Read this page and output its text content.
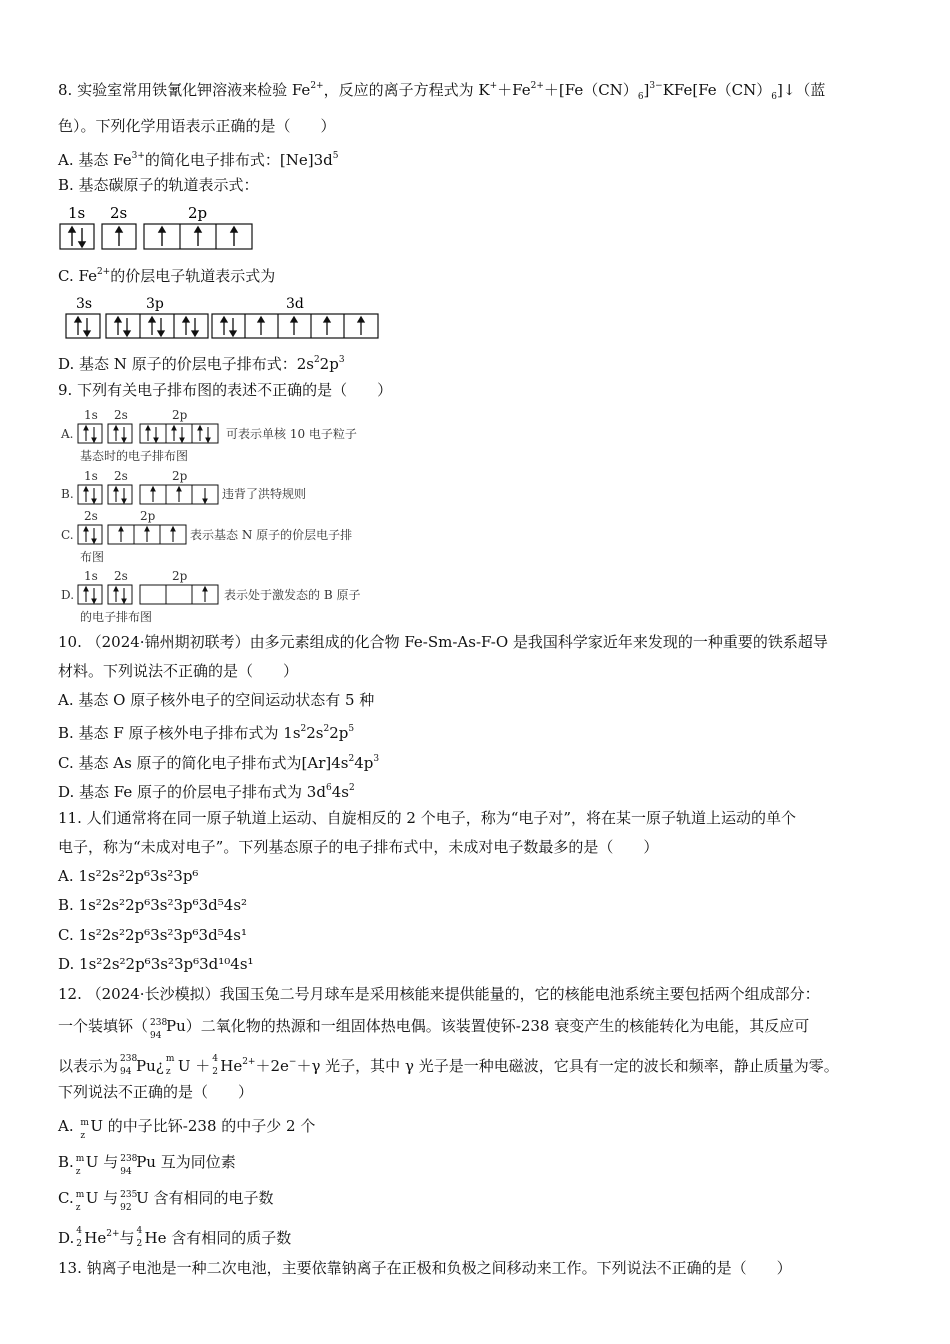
8. 实验室常用铁氰化钾溶液来检验 $Fe^{2+}$，反应的离子方程式为 $K^++Fe^{2+}+[Fe(CN)_6]^{3-}KFe[Fe(CN)_6]↓$（蓝
色）。下列化学用语表示正确的是（　　）
A. 基态 $Fe^{3+}$的简化电子排布式：$[Ne]3d^5$
B. 基态碳原子的轨道表示式：
1s 2s	2p
C. $Fe^{2+}$的价层电子轨道表示式为
3s	3p	3d
D. 基态 N 原子的价层电子排布式：$2s^22p^3$
9. 下列有关电子排布图的表述不正确的是（　　）
A.
1s 2s	2p
可表示单核 10 电子粒子
基态时的电子排布图
B.
1s 2s	2p
违背了洪特规则
C.
2s	2p
表示基态 N 原子的价层电子排
布图
D.
1s 2s	2p
表示处于激发态的 B 原子
的电子排布图
10. （2024·锦州期初联考）由多元素组成的化合物 Fe-Sm-As-F-O 是我国科学家近年来发现的一种重要的铁系超导
材料。下列说法不正确的是（　　）
A. 基态 O 原子核外电子的空间运动状态有 5 种
B. 基态 F 原子核外电子排布式为 $1s^22s^22p^5$
C. 基态 As 原子的简化电子排布式为$[Ar]4s^24p^3$
D. 基态 Fe 原子的价层电子排布式为 $3d^64s^2$
11. 人们通常将在同一原子轨道上运动、自旋相反的 2 个电子，称为“电子对”，将在某一原子轨道上运动的单个
电子，称为“未成对电子”。下列基态原子的电子排布式中，未成对电子数最多的是（　　）
A. 1s²2s²2p⁶3s²3p⁶
B. 1s²2s²2p⁶3s²3p⁶3d⁵4s²
C. 1s²2s²2p⁶3s²3p⁶3d⁵4s¹
D. 1s²2s²2p⁶3s²3p⁶3d¹⁰4s¹
12. （2024·长沙模拟）我国玉兔二号月球车是采用核能来提供能量的，它的核能电池系统主要包括两个组成部分：
一个装填钚（ 238
94
Pu）二氧化物的热源和一组固体热电偶。该装置使钚-238 衰变产生的核能转化为电能，其反应可
以表示为 238
94 Pu¿ m
z U ＋ 4
2 $He^{2+}+2e^-+\gamma$ 光子，其中 γ 光子是一种电磁波，它具有一定的波长和频率，静止质量为零。
下列说法不正确的是（　　）
A. m
z
U 的中子比钚-238 的中子少 2 个
B. m
z
U 与 238
94
Pu 互为同位素
C. m
z
U 与 235
92
U 含有相同的电子数
D. 4
2 $He^{2+}$与 4
2 He 含有相同的质子数
13. 钠离子电池是一种二次电池，主要依靠钠离子在正极和负极之间移动来工作。下列说法不正确的是（　　）
